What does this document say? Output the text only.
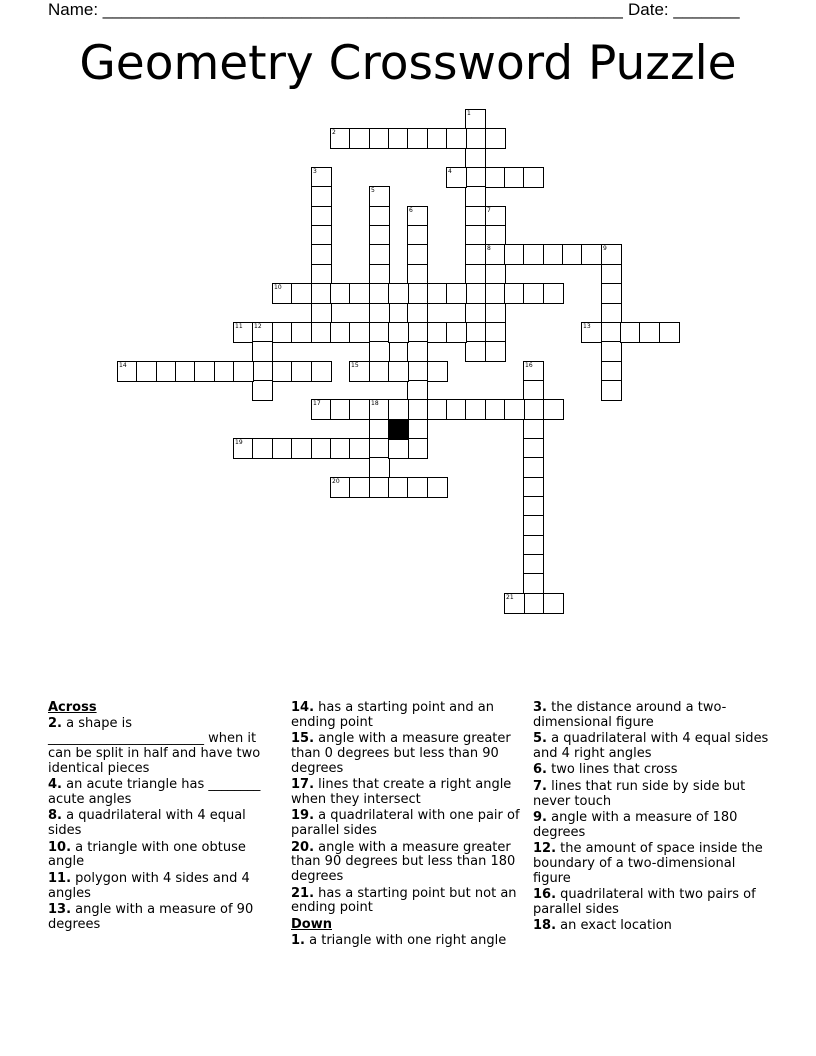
Name: _______________________________________________________ Date: _______
Geometry Crossword Puzzle
1
2
3	4
5
6	7
8	9
10
11 12	13
14	15	16
17	18
19
20
21
Across
2. a shape is ________________________ when it can be split in half and have two identical pieces
4. an acute triangle has ________ acute angles
8. a quadrilateral with 4 equal sides
10. a triangle with one obtuse angle
11. polygon with 4 sides and 4 angles
13. angle with a measure of 90 degrees
14. has a starting point and an ending point
15. angle with a measure greater than 0 degrees but less than 90 degrees
17. lines that create a right angle when they intersect
19. a quadrilateral with one pair of parallel sides
20. angle with a measure greater than 90 degrees but less than 180 degrees
21. has a starting point but not an ending point
Down
1. a triangle with one right angle
3. the distance around a two-dimensional figure
5. a quadrilateral with 4 equal sides and 4 right angles
6. two lines that cross
7. lines that run side by side but never touch
9. angle with a measure of 180 degrees
12. the amount of space inside the boundary of a two-dimensional figure
16. quadrilateral with two pairs of parallel sides
18. an exact location
